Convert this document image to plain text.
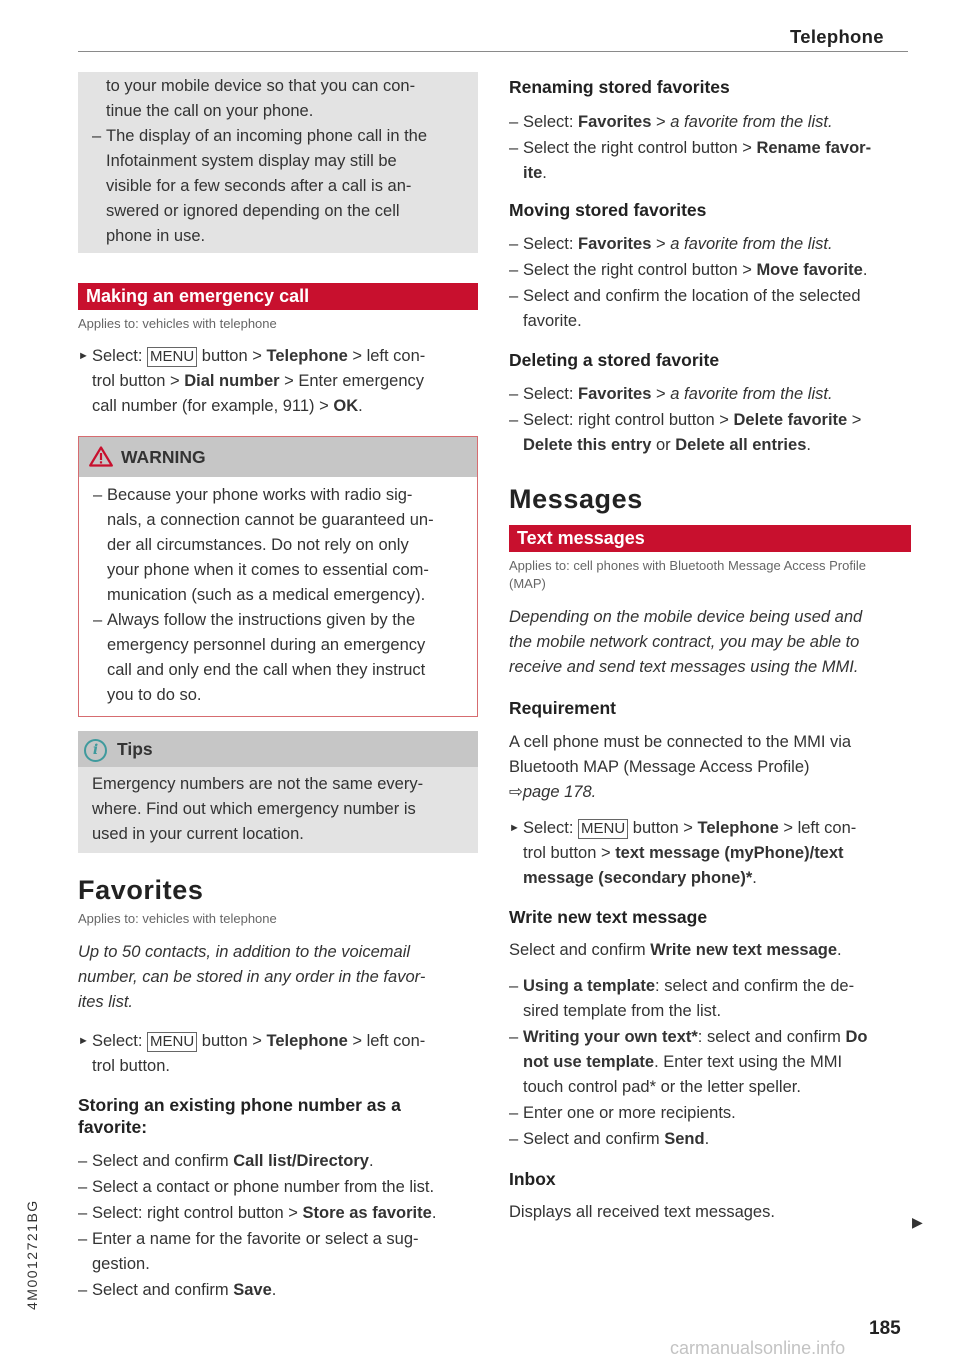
Telephone
to your mobile device so that you can con-
tinue the call on your phone.
– The display of an incoming phone call in the
Infotainment system display may still be
visible for a few seconds after a call is an-
swered or ignored depending on the cell
phone in use.
Making an emergency call
Applies to: vehicles with telephone
► Select: MENU button > Telephone > left con-
trol button > Dial number > Enter emergency
call number (for example, 911) > OK.
WARNING
– Because your phone works with radio sig-
nals, a connection cannot be guaranteed un-
der all circumstances. Do not rely on only
your phone when it comes to essential com-
munication (such as a medical emergency).
– Always follow the instructions given by the
emergency personnel during an emergency
call and only end the call when they instruct
you to do so.
i Tips
Emergency numbers are not the same every-
where. Find out which emergency number is
used in your current location.
Favorites
Applies to: vehicles with telephone
Up to 50 contacts, in addition to the voicemail
number, can be stored in any order in the favor-
ites list.
► Select: MENU button > Telephone > left con-
trol button.
Storing an existing phone number as a
favorite:
– Select and confirm Call list/Directory.
– Select a contact or phone number from the list.
– Select: right control button > Store as favorite.
– Enter a name for the favorite or select a sug-
gestion.
– Select and confirm Save.
Renaming stored favorites
– Select: Favorites > a favorite from the list.
– Select the right control button > Rename favor-
ite.
Moving stored favorites
– Select: Favorites > a favorite from the list.
– Select the right control button > Move favorite.
– Select and confirm the location of the selected
favorite.
Deleting a stored favorite
– Select: Favorites > a favorite from the list.
– Select: right control button > Delete favorite >
Delete this entry or Delete all entries.
Messages
Text messages
Applies to: cell phones with Bluetooth Message Access Profile
(MAP)
Depending on the mobile device being used and
the mobile network contract, you may be able to
receive and send text messages using the MMI.
Requirement
A cell phone must be connected to the MMI via
Bluetooth MAP (Message Access Profile)
⇨page 178.
► Select: MENU button > Telephone > left con-
trol button > text message (myPhone)/text
message (secondary phone)*.
Write new text message
Select and confirm Write new text message.
– Using a template: select and confirm the de-
sired template from the list.
– Writing your own text*: select and confirm Do
not use template. Enter text using the MMI
touch control pad* or the letter speller.
– Enter one or more recipients.
– Select and confirm Send.
Inbox
Displays all received text messages.
▶
4M0012721BG
185
carmanualsonline.info
